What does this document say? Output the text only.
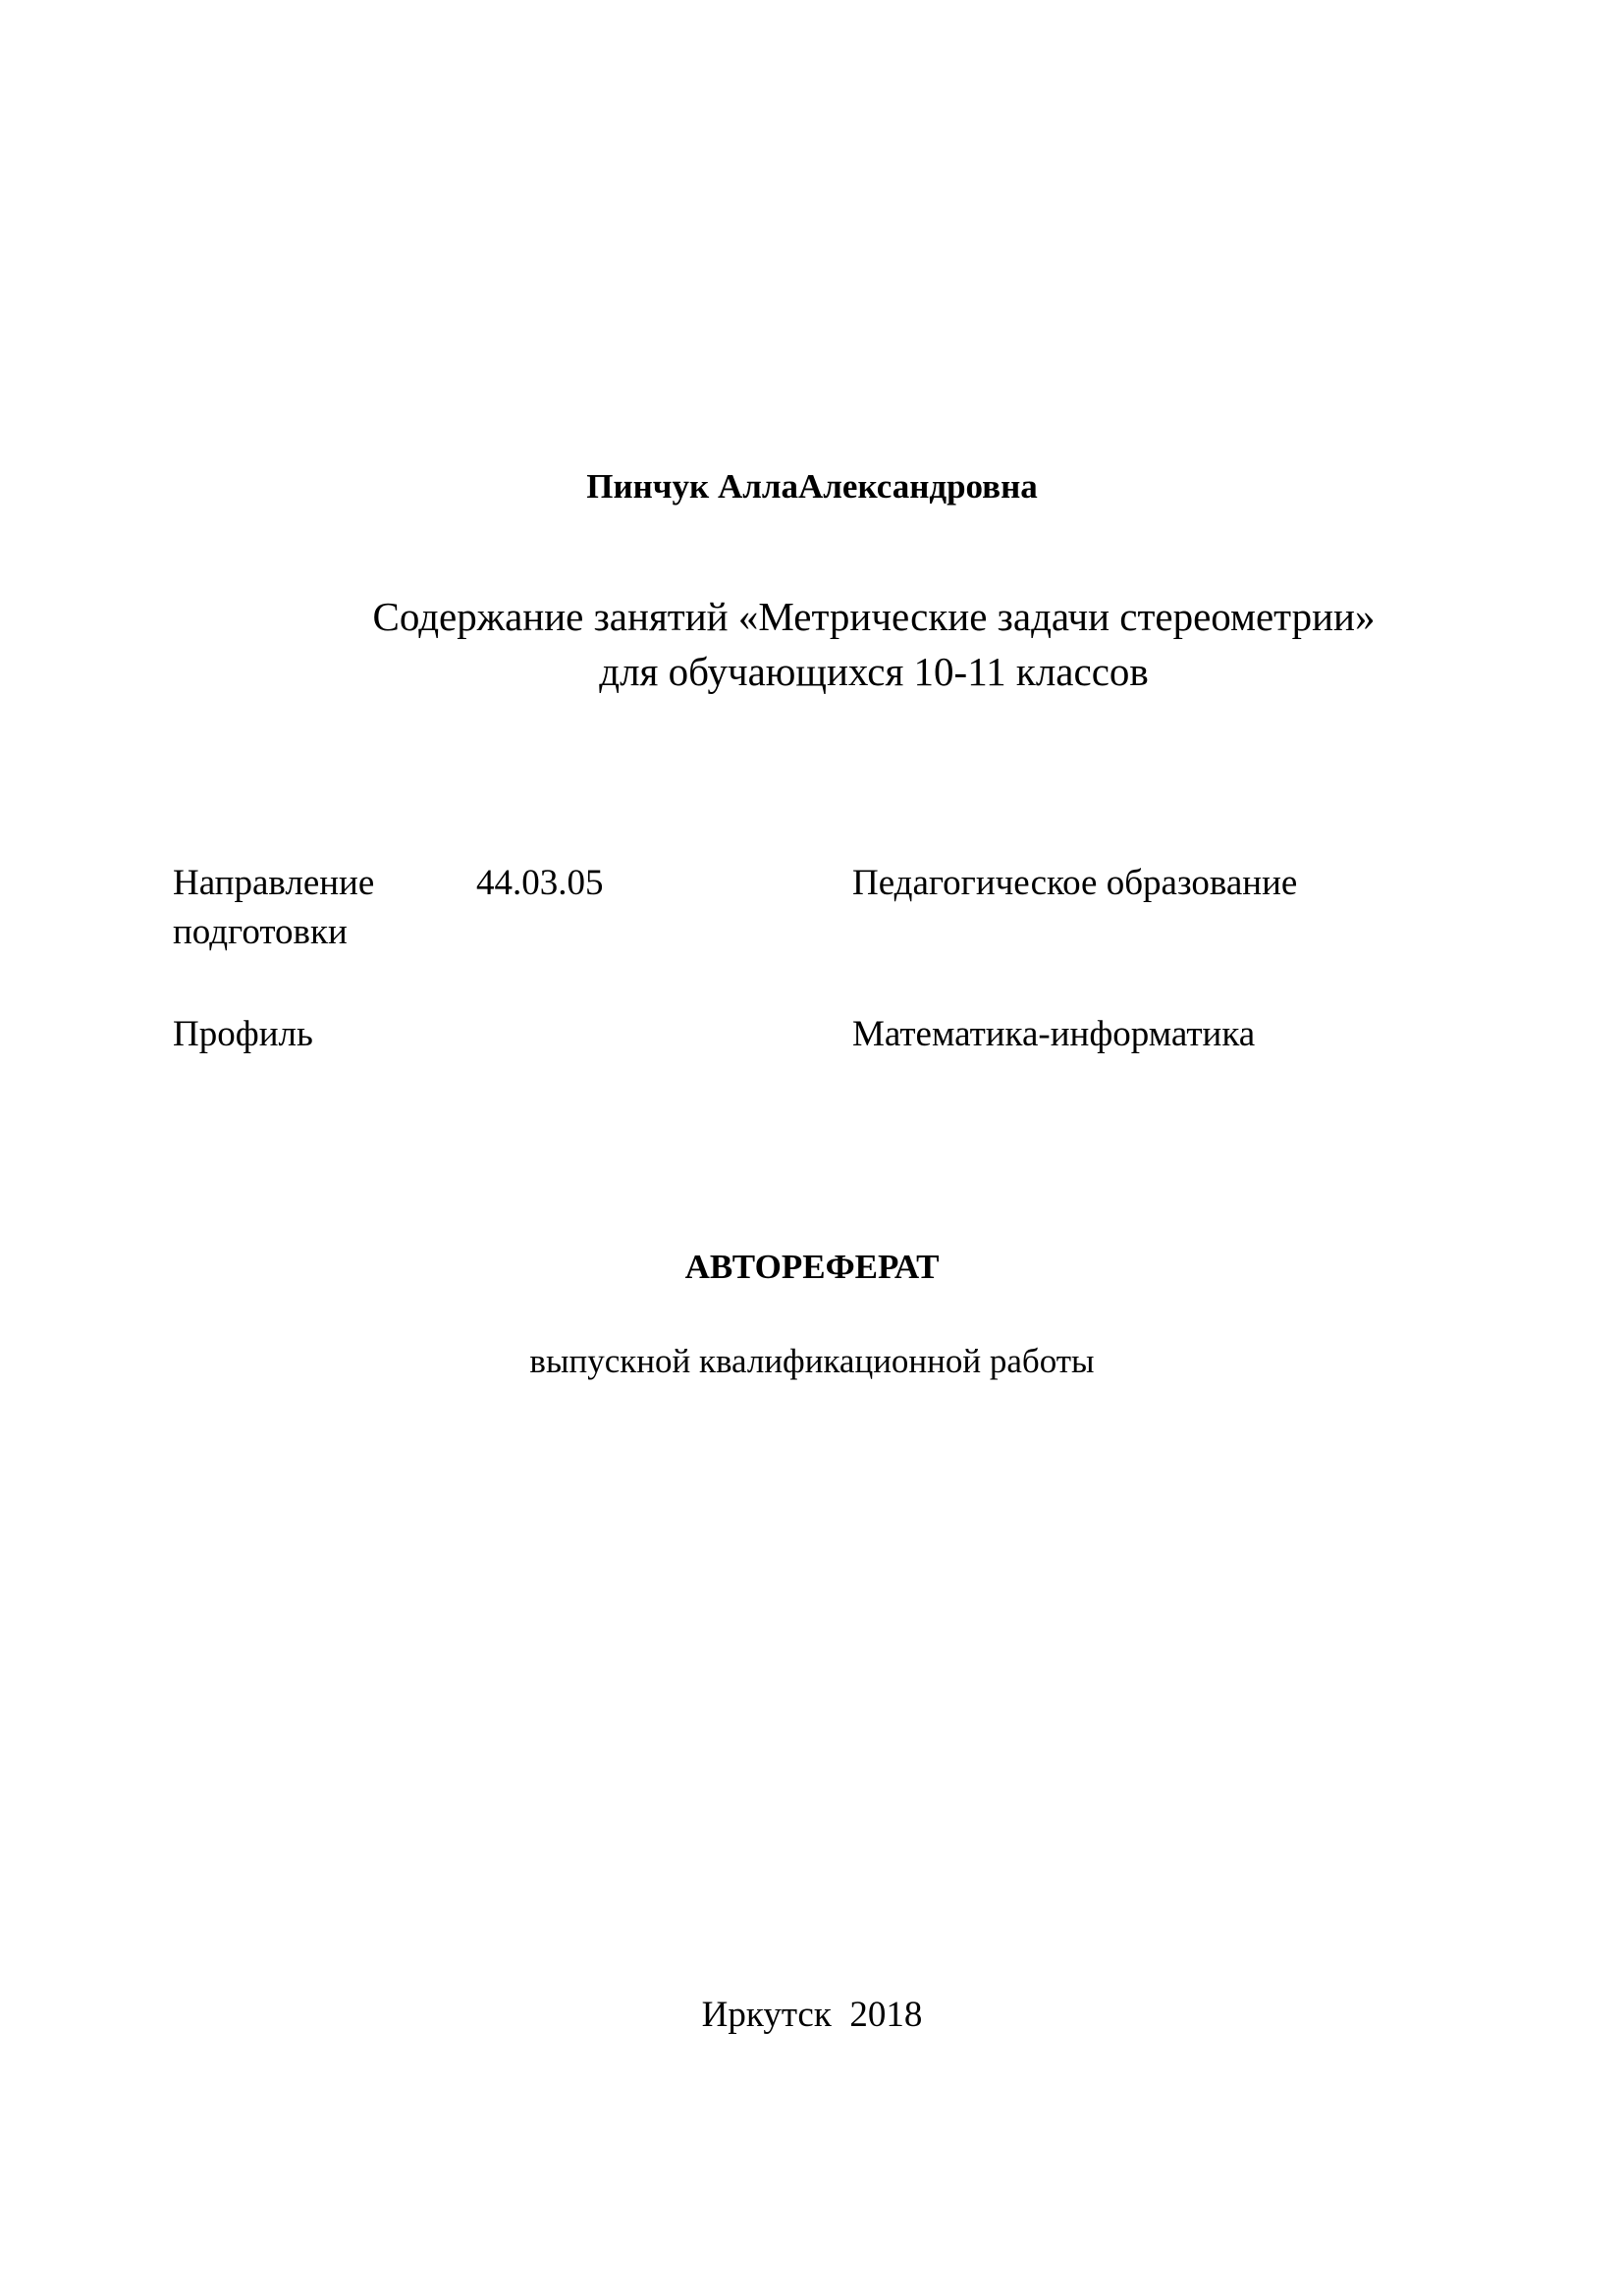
Пинчук АллаАлександровна
Содержание занятий «Метрические задачи стереометрии»
для обучающихся 10-11 классов
Направление
подготовки
44.03.05	Педагогическое образование
Профиль	Математика-информатика
АВТОРЕФЕРАТ
выпускной квалификационной работы
Иркутск 2018
